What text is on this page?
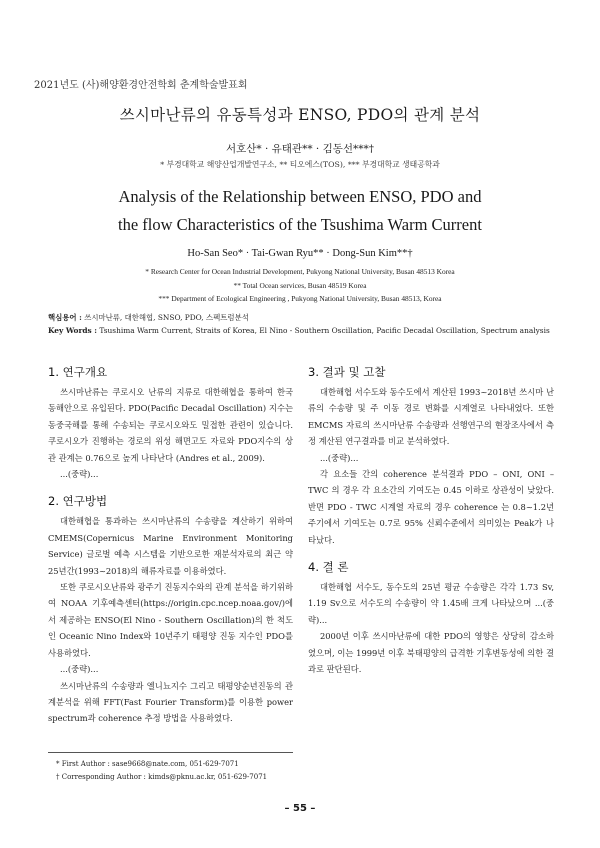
2021년도 (사)해양환경안전학회 춘계학술발표회
쓰시마난류의 유동특성과 ENSO, PDO의 관계 분석
서호산* · 유태관** · 김동선***†
* 부경대학교 해양산업개발연구소, ** 티오에스(TOS), *** 부경대학교 생태공학과
Analysis of the Relationship between ENSO, PDO and
the flow Characteristics of the Tsushima Warm Current
Ho-San Seo* · Tai-Gwan Ryu** · Dong-Sun Kim**†
* Research Center for Ocean Industrial Development, Pukyong National University, Busan 48513 Korea
** Total Ocean services, Busan 48519 Korea
*** Department of Ecological Engineering , Pukyong National University, Busan 48513, Korea
핵심용어 : 쓰시마난류, 대한해협, SNSO, PDO, 스펙트럼분석
Key Words : Tsushima Warm Current, Straits of Korea, El Nino - Southern Oscillation, Pacific Decadal Oscillation, Spectrum analysis
1. 연구개요

쓰시마난류는 쿠로시오 난류의 지류로 대한해협을 통하여 한국 동해안으로 유입된다. PDO(Pacific Decadal Oscillation) 지수는 동중국해를 통해 수송되는 쿠로시오와도 밀접한 관련이 있습니다. 쿠로시오가 진행하는 경로의 위성 해면고도 자료와 PDO지수의 상관 관계는 0.76으로 높게 나타난다 (Andres et al., 2009).

...(중략)...

2. 연구방법

대한해협을 통과하는 쓰시마난류의 수송량을 계산하기 위하여 CMEMS(Copernicus Marine Environment Monitoring Service) 글로벌 예측 시스템을 기반으로한 재분석자료의 최근 약 25년간(1993~2018)의 해류자료를 이용하였다.

또한 쿠로시오난류와 광주기 진동지수와의 관계 분석을 하기위하여 NOAA 기후예측센터(https://origin.cpc.ncep.noaa.gov/)에서 제공하는 ENSO(El Nino - Southern Oscillation)의 한 척도인 Oceanic Nino Index와 10년주기 태평양 진동 지수인 PDO를 사용하였다.

...(중략)...

쓰시마난류의 수송량과 엘니뇨지수 그리고 태평양순년진동의 관계분석을 위해 FFT(Fast Fourier Transform)를 이용한 power spectrum과 coherence 추정 방법을 사용하였다.

3. 결과 및 고찰

대한해협 서수도와 동수도에서 계산된 1993~2018년 쓰시마 난류의 수송량 및 주 이동 경로 변화를 시계열로 나타내었다. 또한 EMCMS 자료의 쓰시마난류 수송량과 선행연구의 현장조사에서 측정 계산된 연구결과를 비교 분석하였다.

...(중략)...

각 요소들 간의 coherence 분석결과 PDO – ONI, ONI – TWC 의 경우 각 요소간의 기여도는 0.45 이하로 상관성이 낮았다. 반면 PDO - TWC 시계열 자료의 경우 coherence 는 0.8~1.2년 주기에서 기여도는 0.7로 95% 신뢰수준에서 의미있는 Peak가 나타났다.

4. 결 론

대한해협 서수도, 동수도의 25년 평균 수송량은 각각 1.73 Sv, 1.19 Sv으로 서수도의 수송량이 약 1.45배 크게 나타났으며 ...(중략)...

2000년 이후 쓰시마난류에 대한 PDO의 영향은 상당히 감소하였으며, 이는 1999년 이후 북태평양의 급격한 기후변동성에 의한 결과로 판단된다.

* First Author : sase9668@nate.com, 051-629-7071
† Corresponding Author : kimds@pknu.ac.kr, 051-629-7071
– 55 –
